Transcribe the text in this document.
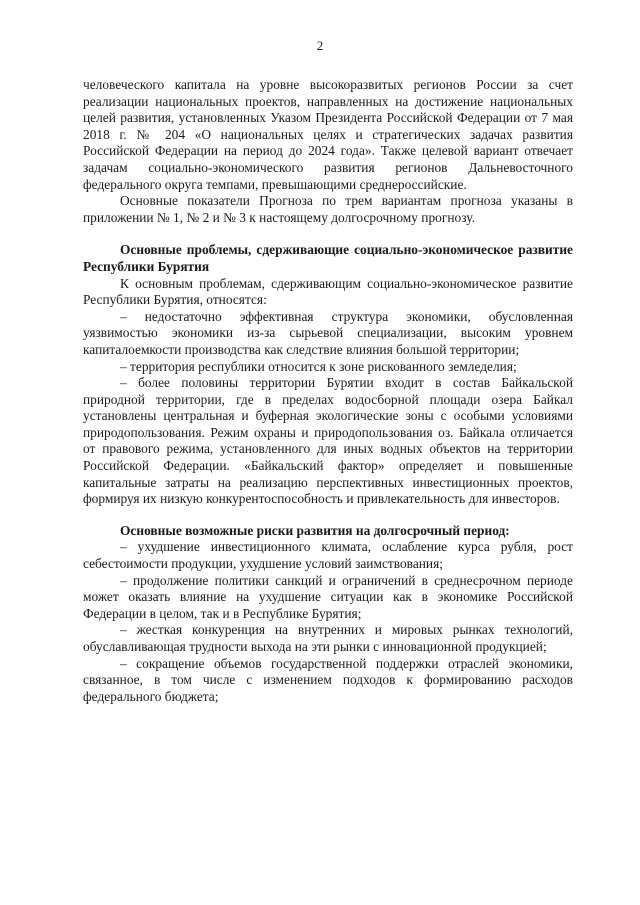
2

человеческого капитала на уровне высокоразвитых регионов России за счет реализации национальных проектов, направленных на достижение национальных целей развития, установленных Указом Президента Российской Федерации от 7 мая 2018 г. № 204 «О национальных целях и стратегических задачах развития Российской Федерации на период до 2024 года». Также целевой вариант отвечает задачам социально-экономического развития регионов Дальневосточного федерального округа темпами, превышающими среднероссийские.

Основные показатели Прогноза по трем вариантам прогноза указаны в приложении № 1, № 2 и № 3 к настоящему долгосрочному прогнозу.

Основные проблемы, сдерживающие социально-экономическое развитие Республики Бурятия

К основным проблемам, сдерживающим социально-экономическое развитие Республики Бурятия, относятся:

– недостаточно эффективная структура экономики, обусловленная уязвимостью экономики из-за сырьевой специализации, высоким уровнем капиталоемкости производства как следствие влияния большой территории;

– территория республики относится к зоне рискованного земледелия;

– более половины территории Бурятии входит в состав Байкальской природной территории, где в пределах водосборной площади озера Байкал установлены центральная и буферная экологические зоны с особыми условиями природопользования. Режим охраны и природопользования оз. Байкала отличается от правового режима, установленного для иных водных объектов на территории Российской Федерации. «Байкальский фактор» определяет и повышенные капитальные затраты на реализацию перспективных инвестиционных проектов, формируя их низкую конкурентоспособность и привлекательность для инвесторов.

Основные возможные риски развития на долгосрочный период:

– ухудшение инвестиционного климата, ослабление курса рубля, рост себестоимости продукции, ухудшение условий заимствования;

– продолжение политики санкций и ограничений в среднесрочном периоде может оказать влияние на ухудшение ситуации как в экономике Российской Федерации в целом, так и в Республике Бурятия;

– жесткая конкуренция на внутренних и мировых рынках технологий, обуславливающая трудности выхода на эти рынки с инновационной продукцией;

– сокращение объемов государственной поддержки отраслей экономики, связанное, в том числе с изменением подходов к формированию расходов федерального бюджета;
